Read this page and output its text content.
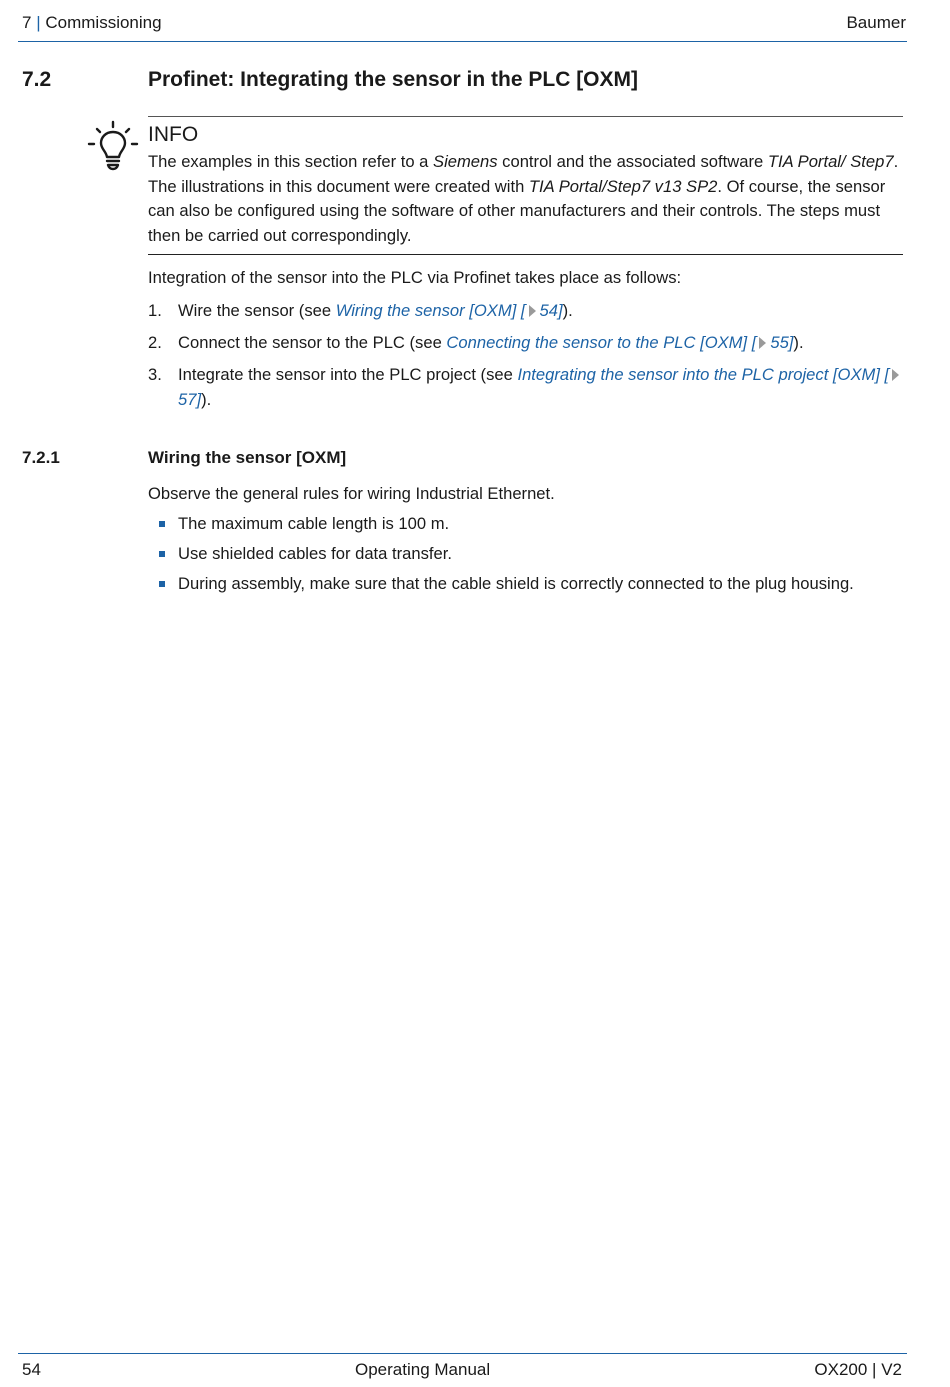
7 | Commissioning	Baumer
7.2	Profinet: Integrating the sensor in the PLC [OXM]
INFO
The examples in this section refer to a Siemens control and the associated software TIA Portal/ Step7. The illustrations in this document were created with TIA Portal/Step7 v13 SP2. Of course, the sensor can also be configured using the software of other manufacturers and their controls. The steps must then be carried out correspondingly.
Integration of the sensor into the PLC via Profinet takes place as follows:
1. Wire the sensor (see Wiring the sensor [OXM] [ 54]).
2. Connect the sensor to the PLC (see Connecting the sensor to the PLC [OXM] [ 55]).
3. Integrate the sensor into the PLC project (see Integrating the sensor into the PLC project [OXM] [57]).
7.2.1	Wiring the sensor [OXM]
Observe the general rules for wiring Industrial Ethernet.
The maximum cable length is 100 m.
Use shielded cables for data transfer.
During assembly, make sure that the cable shield is correctly connected to the plug housing.
54	Operating Manual	OX200 | V2
